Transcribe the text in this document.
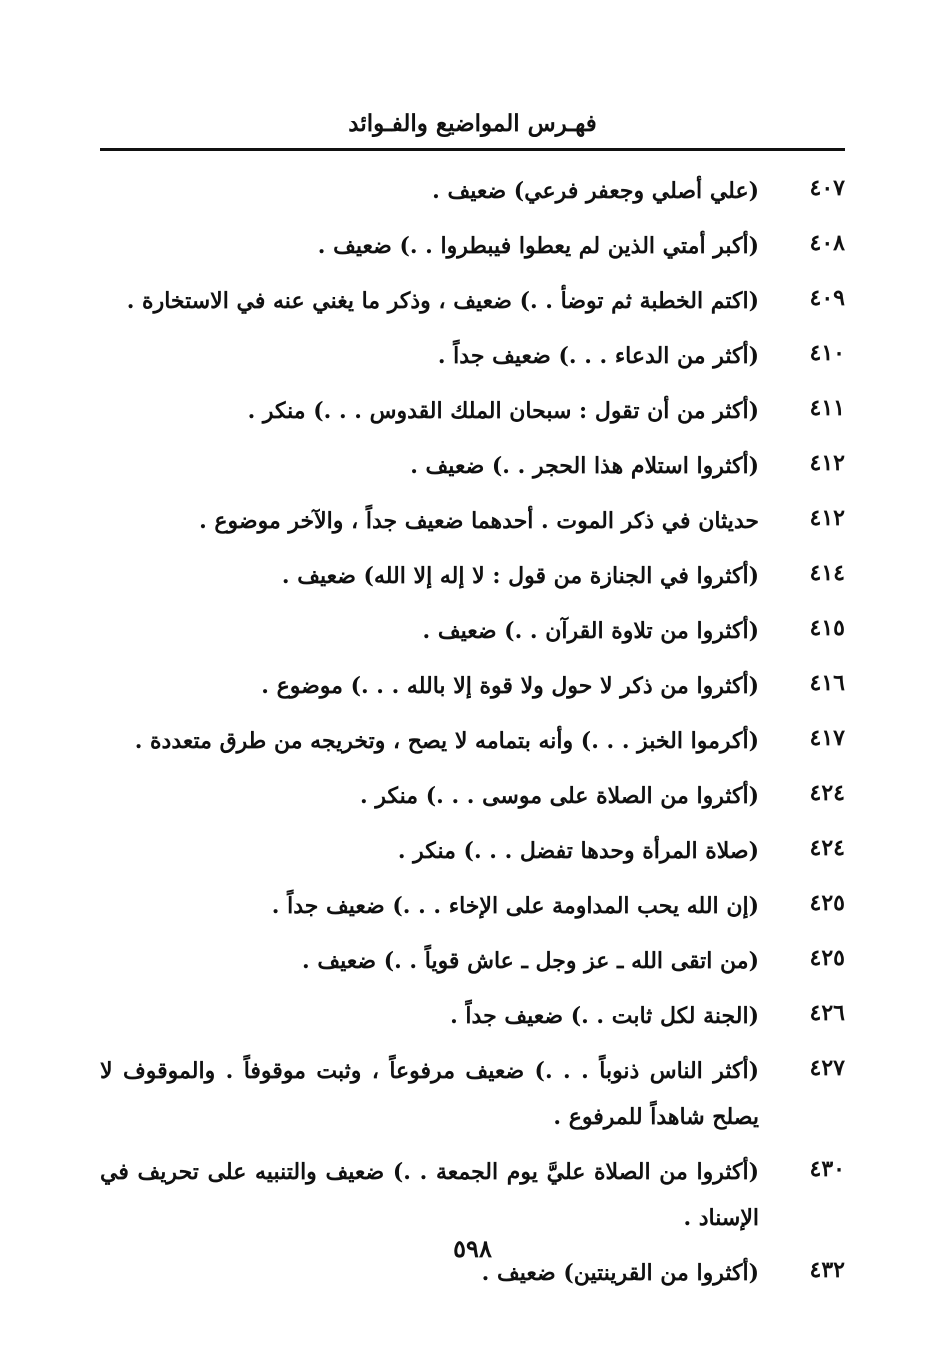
فهـرس المواضيع والفـوائد
٤٠٧
(علي أصلي وجعفر فرعي) ضعيف .
٤٠٨
(أكبر أمتي الذين لم يعطوا فيبطروا . .) ضعيف .
٤٠٩
(اكتم الخطبة ثم توضأ . .) ضعيف ، وذكر ما يغني عنه في الاستخارة .
٤١٠
(أكثر من الدعاء . . .) ضعيف جداً .
٤١١
(أكثر من أن تقول : سبحان الملك القدوس . . .) منكر .
٤١٢
(أكثروا استلام هذا الحجر . .) ضعيف .
٤١٢
حديثان في ذكر الموت . أحدهما ضعيف جداً ، والآخر موضوع .
٤١٤
(أكثروا في الجنازة من قول : لا إله إلا الله) ضعيف .
٤١٥
(أكثروا من تلاوة القرآن . .) ضعيف .
٤١٦
(أكثروا من ذكر لا حول ولا قوة إلا بالله . . .) موضوع .
٤١٧
(أكرموا الخبز . . .) وأنه بتمامه لا يصح ، وتخريجه من طرق متعددة .
٤٢٤
(أكثروا من الصلاة على موسى . . .) منكر .
٤٢٤
(صلاة المرأة وحدها تفضل . . .) منكر .
٤٢٥
(إن الله يحب المداومة على الإخاء . . .) ضعيف جداً .
٤٢٥
(من اتقى الله ـ عز وجل ـ عاش قوياً . .) ضعيف .
٤٢٦
(الجنة لكل ثابت . .) ضعيف جداً .
٤٢٧
(أكثر الناس ذنوباً . . .) ضعيف مرفوعاً ، وثبت موقوفاً . والموقوف لا يصلح شاهداً للمرفوع .
٤٣٠
(أكثروا من الصلاة عليَّ يوم الجمعة . .) ضعيف والتنبيه على تحريف في الإسناد .
٤٣٢
(أكثروا من القرينتين) ضعيف .
٥٩٨
